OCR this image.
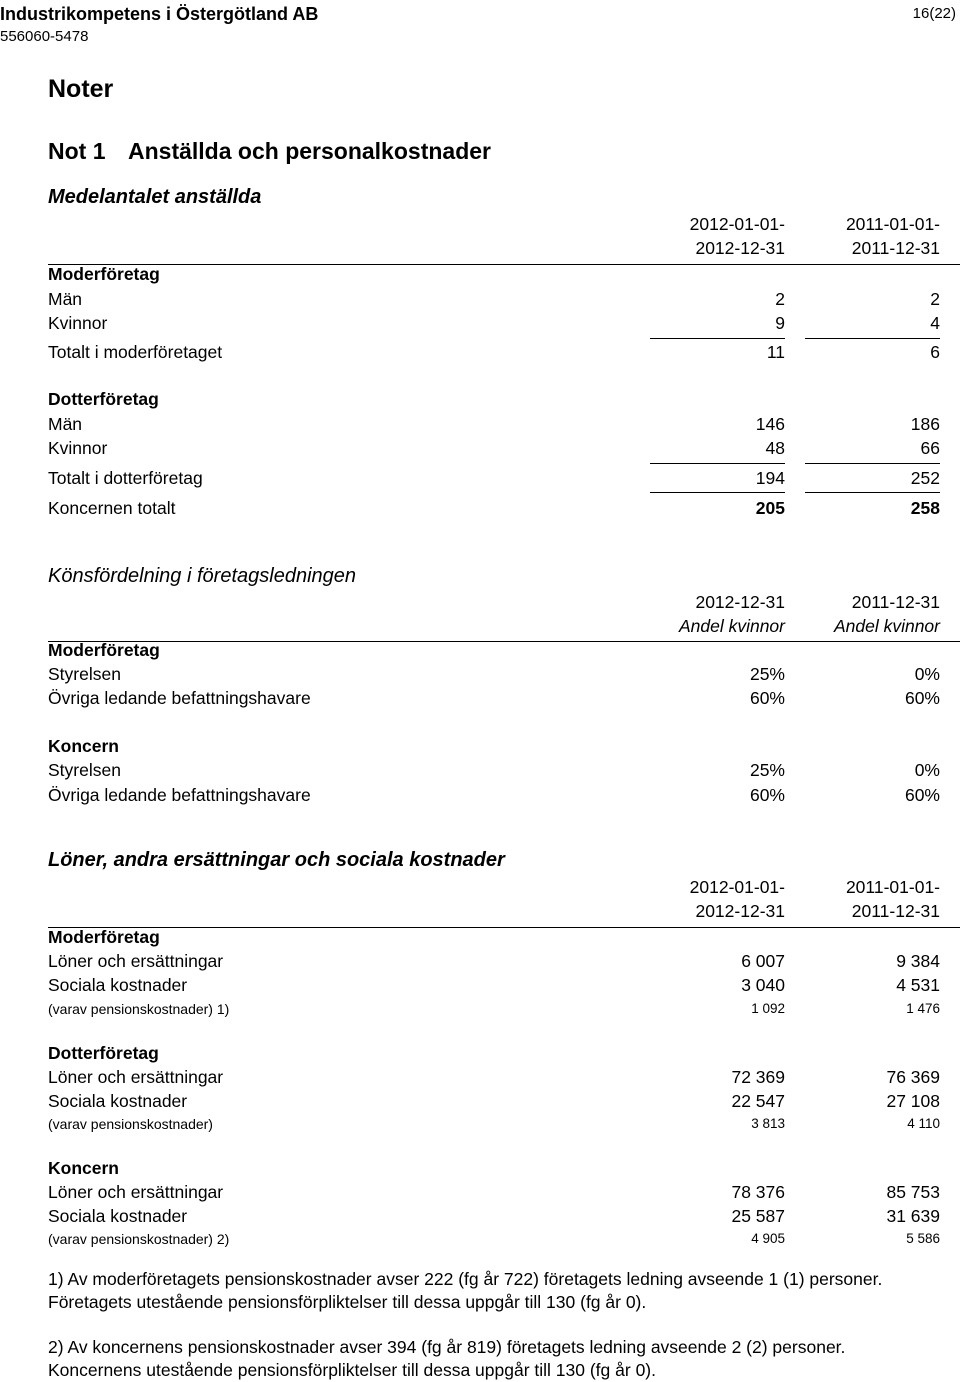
Industrikompetens i Östergötland AB
556060-5478
16(22)
Noter
Not 1 Anställda och personalkostnader
Medelantalet anställda
2012-01-01-	2011-01-01-
2012-12-31	2011-12-31
Moderföretag
Män	2	2
Kvinnor	9	4
Totalt i moderföretaget	11	6
Dotterföretag
Män	146	186
Kvinnor	48	66
Totalt i dotterföretag	194	252
Koncernen totalt	205	258
Könsfördelning i företagsledningen
2012-12-31	2011-12-31
Andel kvinnor	Andel kvinnor
Moderföretag
Styrelsen	25%	0%
Övriga ledande befattningshavare	60%	60%
Koncern
Styrelsen	25%	0%
Övriga ledande befattningshavare	60%	60%
Löner, andra ersättningar och sociala kostnader
2012-01-01-	2011-01-01-
2012-12-31	2011-12-31
Moderföretag
Löner och ersättningar	6 007	9 384
Sociala kostnader	3 040	4 531
(varav pensionskostnader) 1)	1 092	1 476
Dotterföretag
Löner och ersättningar	72 369	76 369
Sociala kostnader	22 547	27 108
(varav pensionskostnader)	3 813	4 110
Koncern
Löner och ersättningar	78 376	85 753
Sociala kostnader	25 587	31 639
(varav pensionskostnader) 2)	4 905	5 586
1) Av moderföretagets pensionskostnader avser 222 (fg år 722) företagets ledning avseende 1 (1) personer. Företagets utestående pensionsförpliktelser till dessa uppgår till 130 (fg år 0).
2) Av koncernens pensionskostnader avser 394 (fg år 819) företagets ledning avseende 2 (2) personer. Koncernens utestående pensionsförpliktelser till dessa uppgår till 130 (fg år 0).
